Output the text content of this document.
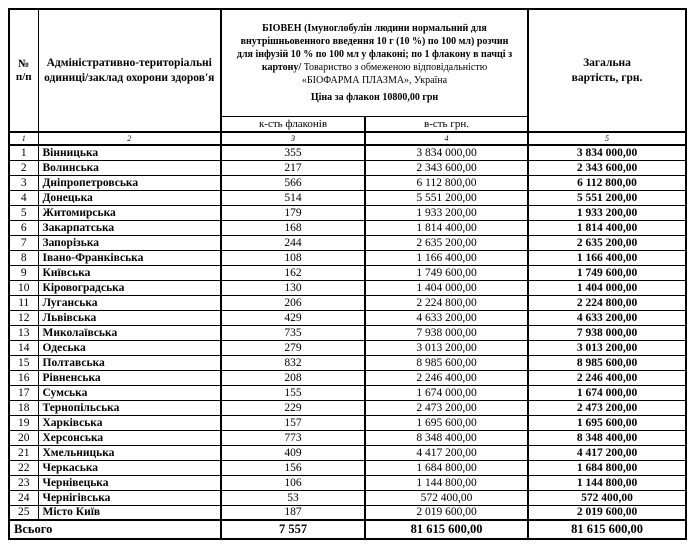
№
п/п	Адміністративно-територіальні одиниці/заклад охорони здоров'я	
БІОВЕН (Імуноглобулін людини нормальний для внутрішньовенного введення 10 г (10 %) по 100 мл) розчин для інфузій 10 % по 100 мл у флаконі; по 1 флакону в пачці з картону/ Товариство з обмеженою відповідальністю «БІОФАРМА ПЛАЗМА», Україна
Ціна за флакон 10800,00 грн
	Загальна
вартість, грн.
		к-сть флаконів	в-сть грн.	
1	2	3	4	5
1	Вінницька	355	3 834 000,00	3 834 000,00
2	Волинська	217	2 343 600,00	2 343 600,00
3	Дніпропетровська	566	6 112 800,00	6 112 800,00
4	Донецька	514	5 551 200,00	5 551 200,00
5	Житомирська	179	1 933 200,00	1 933 200,00
6	Закарпатська	168	1 814 400,00	1 814 400,00
7	Запорізька	244	2 635 200,00	2 635 200,00
8	Івано-Франківська	108	1 166 400,00	1 166 400,00
9	Київська	162	1 749 600,00	1 749 600,00
10	Кіровоградська	130	1 404 000,00	1 404 000,00
11	Луганська	206	2 224 800,00	2 224 800,00
12	Львівська	429	4 633 200,00	4 633 200,00
13	Миколаївська	735	7 938 000,00	7 938 000,00
14	Одеська	279	3 013 200,00	3 013 200,00
15	Полтавська	832	8 985 600,00	8 985 600,00
16	Рівненська	208	2 246 400,00	2 246 400,00
17	Сумська	155	1 674 000,00	1 674 000,00
18	Тернопільська	229	2 473 200,00	2 473 200,00
19	Харківська	157	1 695 600,00	1 695 600,00
20	Херсонська	773	8 348 400,00	8 348 400,00
21	Хмельницька	409	4 417 200,00	4 417 200,00
22	Черкаська	156	1 684 800,00	1 684 800,00
23	Чернівецька	106	1 144 800,00	1 144 800,00
24	Чернігівська	53	572 400,00	572 400,00
25	Місто Київ	187	2 019 600,00	2 019 600,00
Всього		7 557	81 615 600,00	81 615 600,00
